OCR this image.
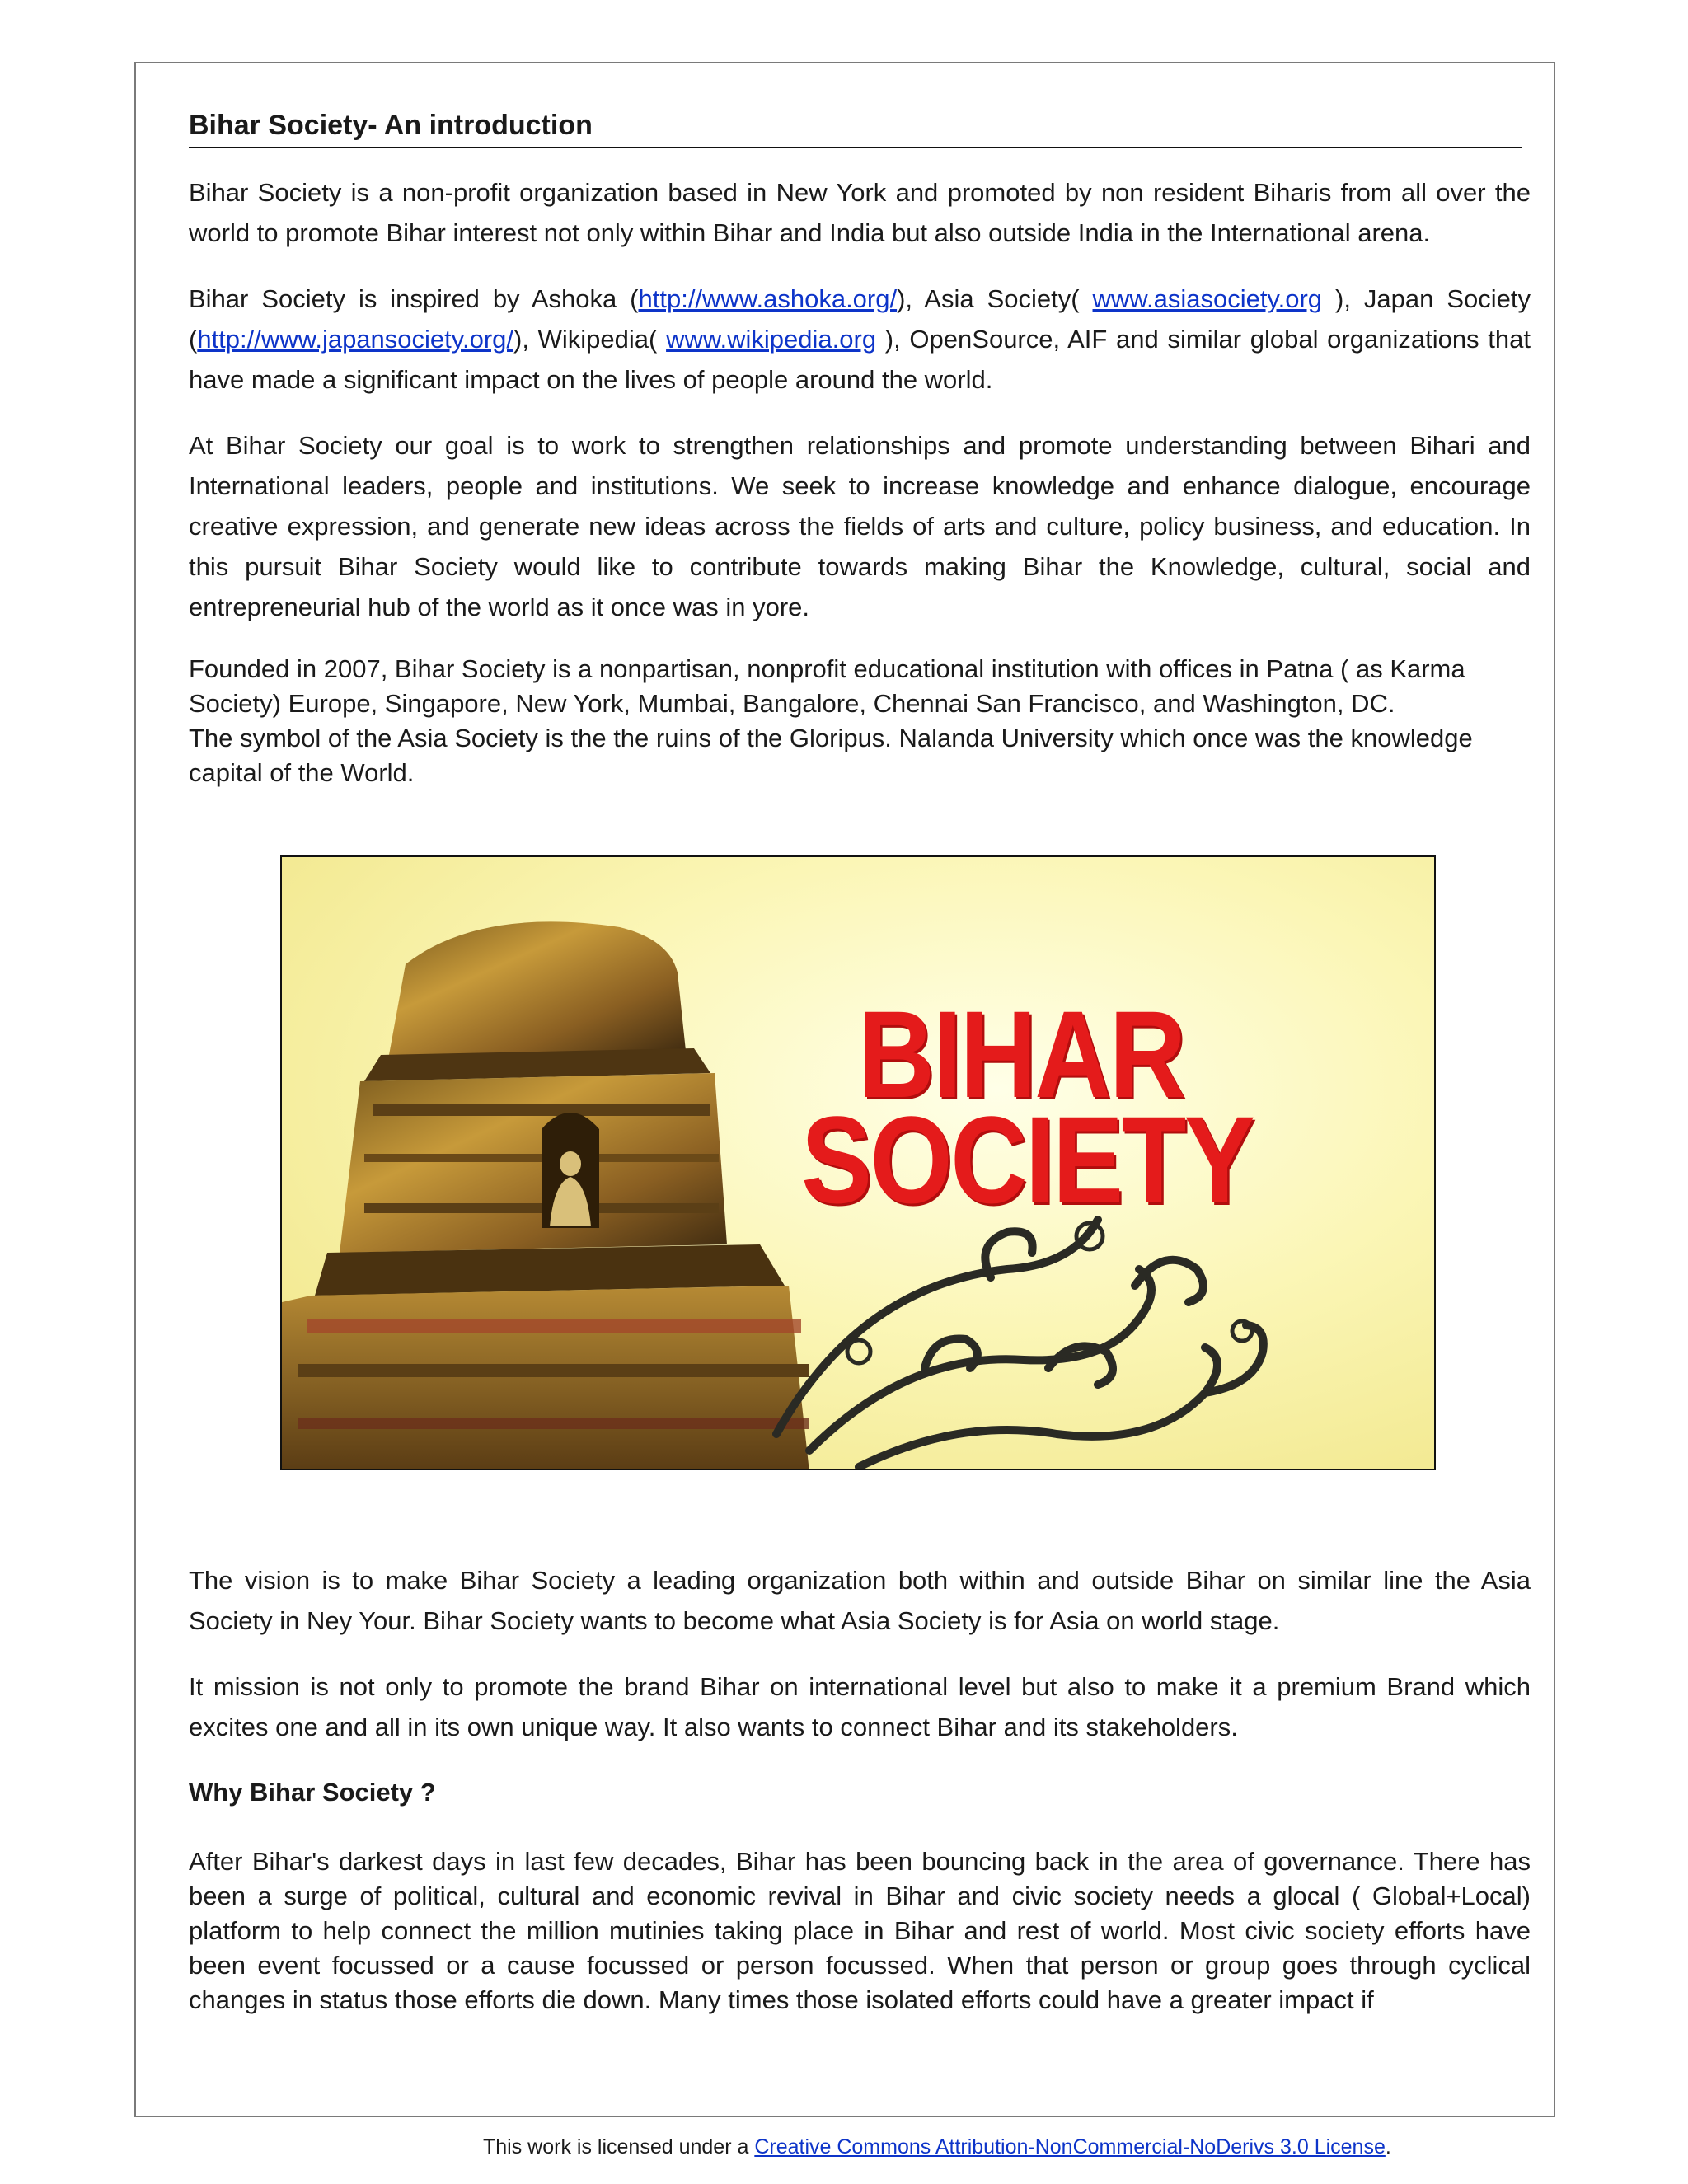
Bihar Society- An introduction

Bihar Society is a non-profit organization based in New York and promoted by non resident Biharis from all over the world to promote Bihar interest not only within Bihar and India but also outside India in the International arena.

Bihar Society is inspired by Ashoka (http://www.ashoka.org/), Asia Society( www.asiasociety.org ), Japan Society (http://www.japansociety.org/), Wikipedia( www.wikipedia.org ), OpenSource, AIF and similar global organizations that have made a significant impact on the lives of people around the world.

At Bihar Society our goal is to work to strengthen relationships and promote understanding between Bihari and International leaders, people and institutions. We seek to increase knowledge and enhance dialogue, encourage creative expression, and generate new ideas across the fields of arts and culture, policy business, and education. In this pursuit Bihar Society would like to contribute towards making Bihar the Knowledge, cultural, social and entrepreneurial hub of the world as it once was in yore.

Founded in 2007, Bihar Society is a nonpartisan, nonprofit educational institution with offices in Patna ( as Karma Society) Europe, Singapore, New York, Mumbai, Bangalore, Chennai San Francisco, and Washington, DC.

The symbol of the Asia Society is the the ruins of the Gloripus. Nalanda University which once was the knowledge capital of the World.

BIHAR
SOCIETY

The vision is to make Bihar Society a leading organization both within and outside Bihar on similar line the Asia Society in Ney Your. Bihar Society wants to become what Asia Society is for Asia on world stage.

It mission is not only to promote the brand Bihar on international level but also to make it a premium Brand which excites one and all in its own unique way. It also wants to connect Bihar and its stakeholders.

Why Bihar Society ?

After Bihar's darkest days in last few decades, Bihar has been bouncing back in the area of governance. There has been a surge of political, cultural and economic revival in Bihar and civic society needs a glocal ( Global+Local) platform to help connect the million mutinies taking place in Bihar and rest of world. Most civic society efforts have been event focussed or a cause focussed or person focussed. When that person or group goes through cyclical changes in status those efforts die down. Many times those isolated efforts could have a greater impact if

This work is licensed under a Creative Commons Attribution-NonCommercial-NoDerivs 3.0 License.
